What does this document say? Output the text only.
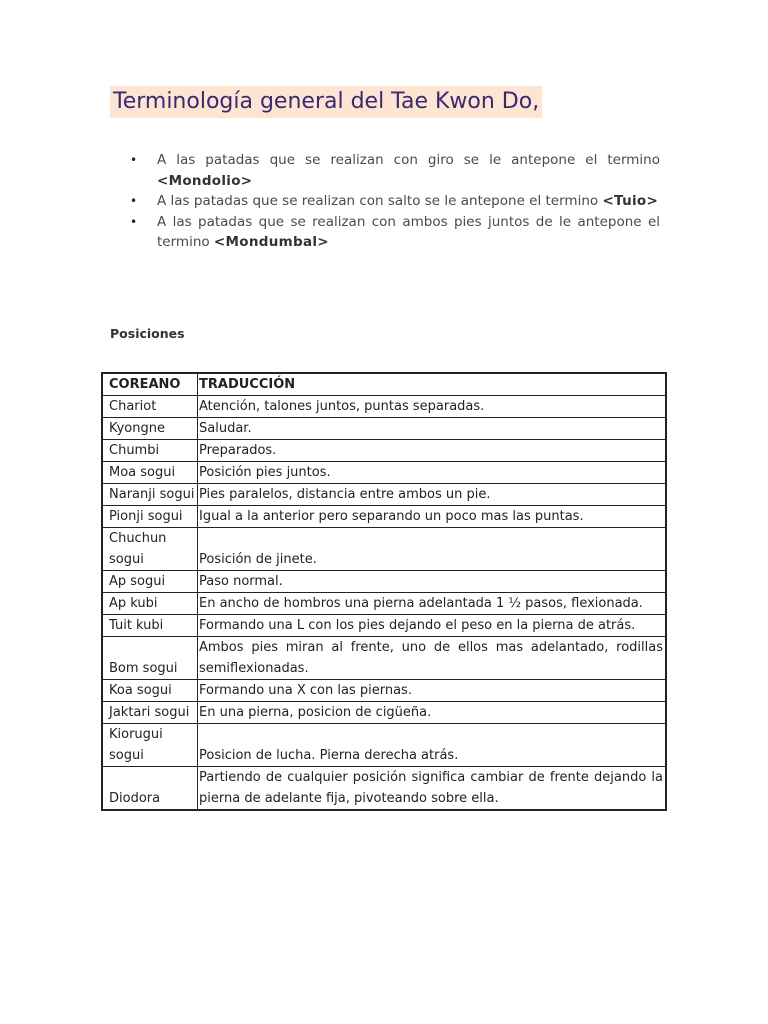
Terminología general del Tae Kwon Do,
• A las patadas que se realizan con giro se le antepone el termino <Mondolio>
• A las patadas que se realizan con salto se le antepone el termino <Tuio>
• A las patadas que se realizan con ambos pies juntos de le antepone el termino <Mondumbal>
Posiciones
COREANO	TRADUCCIÓN
Chariot	Atención, talones juntos, puntas separadas.
Kyongne	Saludar.
Chumbi	Preparados.
Moa sogui	Posición pies juntos.
Naranji sogui	Pies paralelos, distancia entre ambos un pie.
Pionji sogui	Igual a la anterior pero separando un poco mas las puntas.
Chuchun sogui	Posición de jinete.
Ap sogui	Paso normal.
Ap kubi	En ancho de hombros una pierna adelantada 1 ½ pasos, flexionada.
Tuit kubi	Formando una L con los pies dejando el peso en la pierna de atrás.
Bom sogui	Ambos pies miran al frente, uno de ellos mas adelantado, rodillas semiflexionadas.
Koa sogui	Formando una X con las piernas.
Jaktari sogui	En una pierna, posicion de cigüeña.
Kiorugui sogui	Posicion de lucha. Pierna derecha atrás.
Diodora	Partiendo de cualquier posición significa cambiar de frente dejando la pierna de adelante fija, pivoteando sobre ella.
